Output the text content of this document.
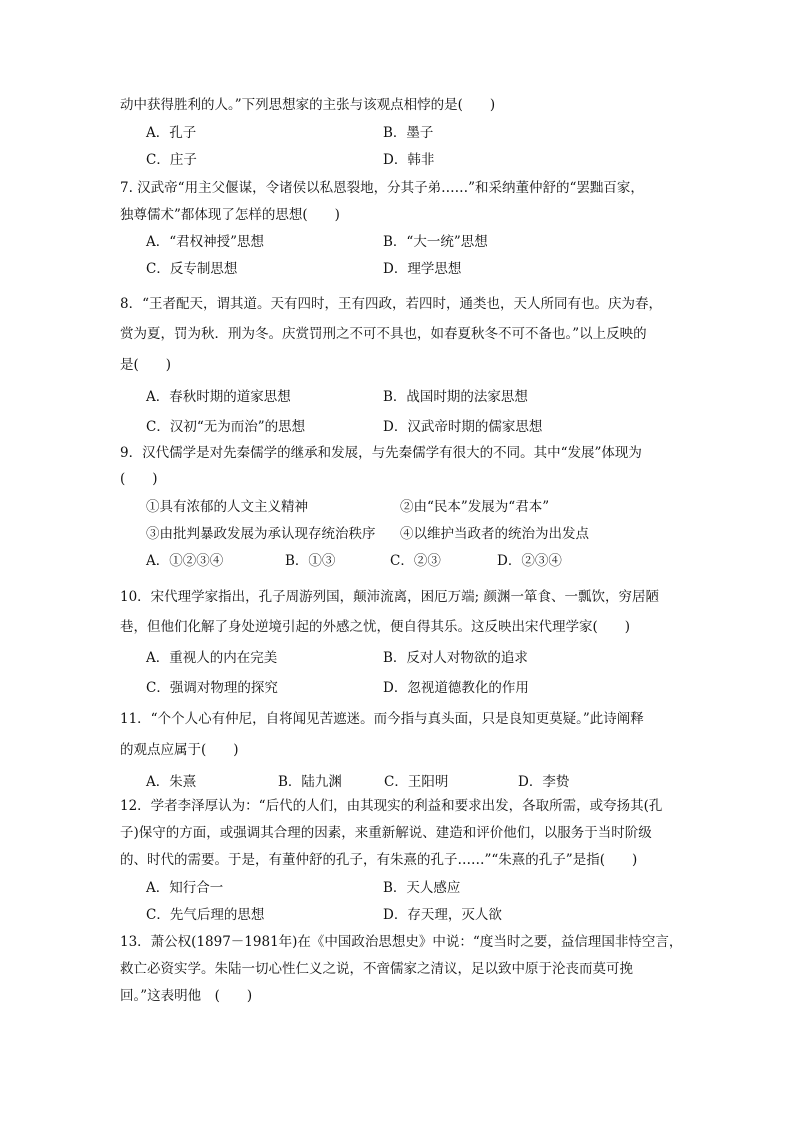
动中获得胜利的人。”下列思想家的主张与该观点相悖的是(　　)
A．孔子	B．墨子
C．庄子	D．韩非
7. 汉武帝“用主父偃谋，令诸侯以私恩裂地，分其子弟……”和采纳董仲舒的“罢黜百家，
独尊儒术”都体现了怎样的思想(　　)
A．“君权神授”思想	B．“大一统”思想
C．反专制思想	D．理学思想
8．“王者配天，谓其道。天有四时，王有四政，若四时，通类也，天人所同有也。庆为春，
赏为夏，罚为秋．刑为冬。庆赏罚刑之不可不具也，如春夏秋冬不可不备也。”以上反映的
是(　　)
A．春秋时期的道家思想	B．战国时期的法家思想
C．汉初“无为而治”的思想	D．汉武帝时期的儒家思想
9．汉代儒学是对先秦儒学的继承和发展，与先秦儒学有很大的不同。其中“发展”体现为
(　　)
①具有浓郁的人文主义精神	②由“民本”发展为“君本”
③由批判暴政发展为承认现存统治秩序 ④以维护当政者的统治为出发点
A．①②③④	B．①③	C．②③	D．②③④
10．宋代理学家指出，孔子周游列国，颠沛流离，困厄万端; 颜渊一箪食、一瓢饮，穷居陋
巷，但他们化解了身处逆境引起的外感之忧，便自得其乐。这反映出宋代理学家(　　)
A．重视人的内在完美	B．反对人对物欲的追求
C．强调对物理的探究	D．忽视道德教化的作用
11．“个个人心有仲尼，自将闻见苦遮迷。而今指与真头面，只是良知更莫疑。”此诗阐释
的观点应属于(　　)
A．朱熹	B．陆九渊	C．王阳明	D．李贽
12．学者李泽厚认为：“后代的人们，由其现实的利益和要求出发，各取所需，或夸扬其(孔
子)保守的方面，或强调其合理的因素，来重新解说、建造和评价他们，以服务于当时阶级
的、时代的需要。于是，有董仲舒的孔子，有朱熹的孔子……”“朱熹的孔子”是指(　　)
A．知行合一	B．天人感应
C．先气后理的思想	D．存天理，灭人欲
13．萧公权(1897－1981年)在《中国政治思想史》中说：“度当时之要，益信理国非恃空言，
救亡必资实学。朱陆一切心性仁义之说，不啻儒家之清议，足以致中原于沦丧而莫可挽
回。”这表明他　(　　)
